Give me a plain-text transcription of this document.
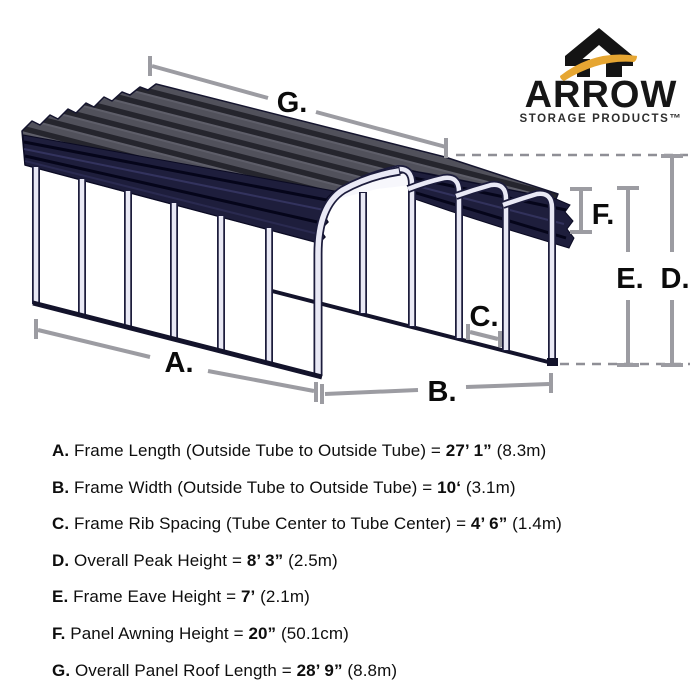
G.
A.
B.
C.
D.
E.
F.
ARROW
STORAGE PRODUCTS™
A. Frame Length (Outside Tube to Outside Tube) = 27’ 1” (8.3m)
B. Frame Width (Outside Tube to Outside Tube) = 10‘ (3.1m)
C. Frame Rib Spacing (Tube Center to Tube Center) = 4’ 6” (1.4m)
D. Overall Peak Height = 8’ 3” (2.5m)
E. Frame Eave Height = 7’ (2.1m)
F. Panel Awning Height = 20” (50.1cm)
G. Overall Panel Roof Length = 28’ 9” (8.8m)
